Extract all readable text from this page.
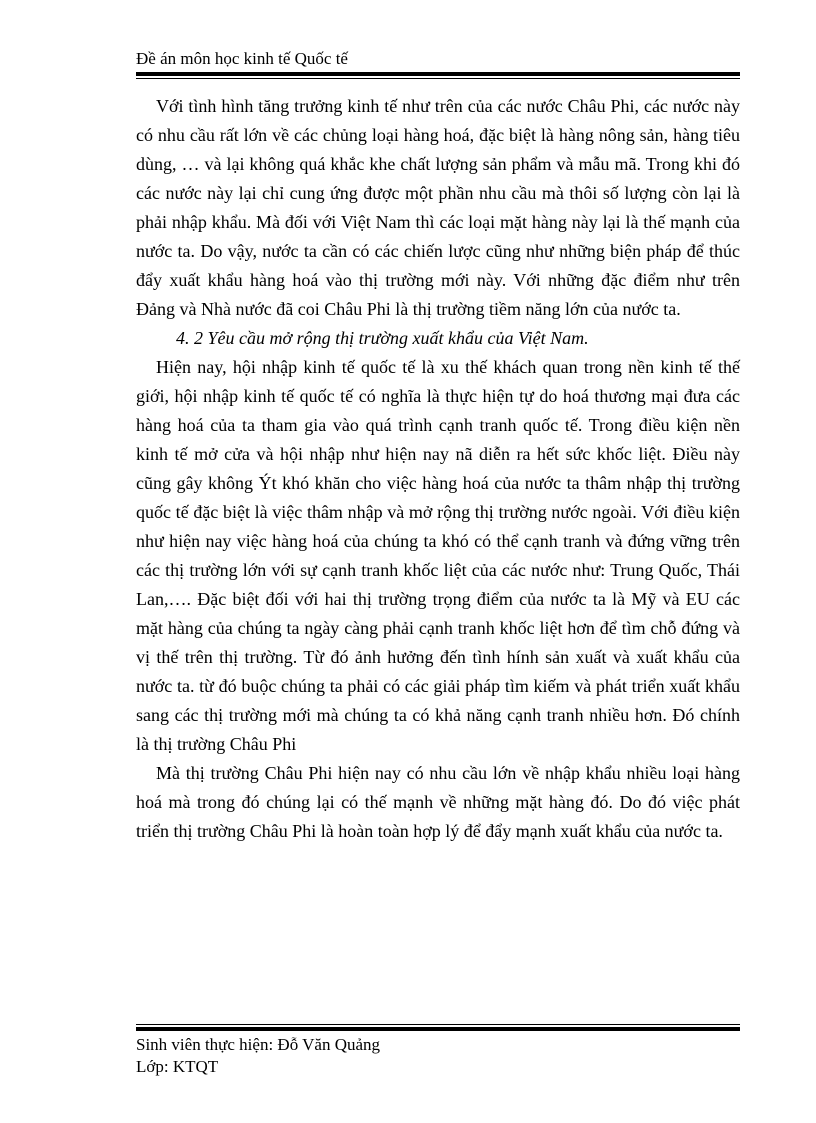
Đề án môn học kinh tế Quốc tế

Với tình hình tăng trưởng kinh tế như trên của các nước Châu Phi, các nước này có nhu cầu rất lớn về các chủng loại hàng hoá, đặc biệt là hàng nông sản, hàng tiêu dùng, … và lại không quá khắc khe chất lượng sản phẩm và mẫu mã. Trong khi đó các nước này lại chỉ cung ứng được một phần nhu cầu mà thôi số lượng còn lại là phải nhập khẩu. Mà đối với Việt Nam thì các loại mặt hàng này lại là thế mạnh của nước ta. Do vậy, nước ta cần có các chiến lược cũng như những biện pháp để thúc đẩy xuất khẩu hàng hoá vào thị trường mới này. Với những đặc điểm như trên Đảng và Nhà nước đã coi Châu Phi là thị trường tiềm năng lớn của nước ta.

4. 2 Yêu cầu mở rộng thị trường xuất khẩu của Việt Nam.

Hiện nay, hội nhập kinh tế quốc tế là xu thế khách quan trong nền kinh tế thế giới, hội nhập kinh tế quốc tế có nghĩa là thực hiện tự do hoá thương mại đưa các hàng hoá của ta tham gia vào quá trình cạnh tranh quốc tế. Trong điều kiện nền kinh tế mở cửa và hội nhập như hiện nay nã diễn ra hết sức khốc liệt. Điều này cũng gây không Ýt khó khăn cho việc hàng hoá của nước ta thâm nhập thị trường quốc tế đặc biệt là việc thâm nhập và mở rộng thị trường nước ngoài. Với điều kiện như hiện nay việc hàng hoá của chúng ta khó có thể cạnh tranh và đứng vững trên các thị trường lớn với sự cạnh tranh khốc liệt của các nước như: Trung Quốc, Thái Lan,…. Đặc biệt đối với hai thị trường trọng điểm của nước ta là Mỹ và EU các mặt hàng của chúng ta ngày càng phải cạnh tranh khốc liệt hơn để tìm chỗ đứng và vị thế trên thị trường. Từ đó ảnh hưởng đến tình hính sản xuất và xuất khẩu của nước ta. từ đó buộc chúng ta phải có các giải pháp tìm kiếm và phát triển xuất khẩu sang các thị trường mới mà chúng ta có khả năng cạnh tranh nhiều hơn. Đó chính là thị trường Châu Phi

Mà thị trường Châu Phi hiện nay có nhu cầu lớn về nhập khẩu nhiều loại hàng hoá mà trong đó chúng lại có thế mạnh về những mặt hàng đó. Do đó việc phát triển thị trường Châu Phi là hoàn toàn hợp lý để đẩy mạnh xuất khẩu của nước ta.

Sinh viên thực hiện: Đỗ Văn Quảng
Lớp: KTQT
